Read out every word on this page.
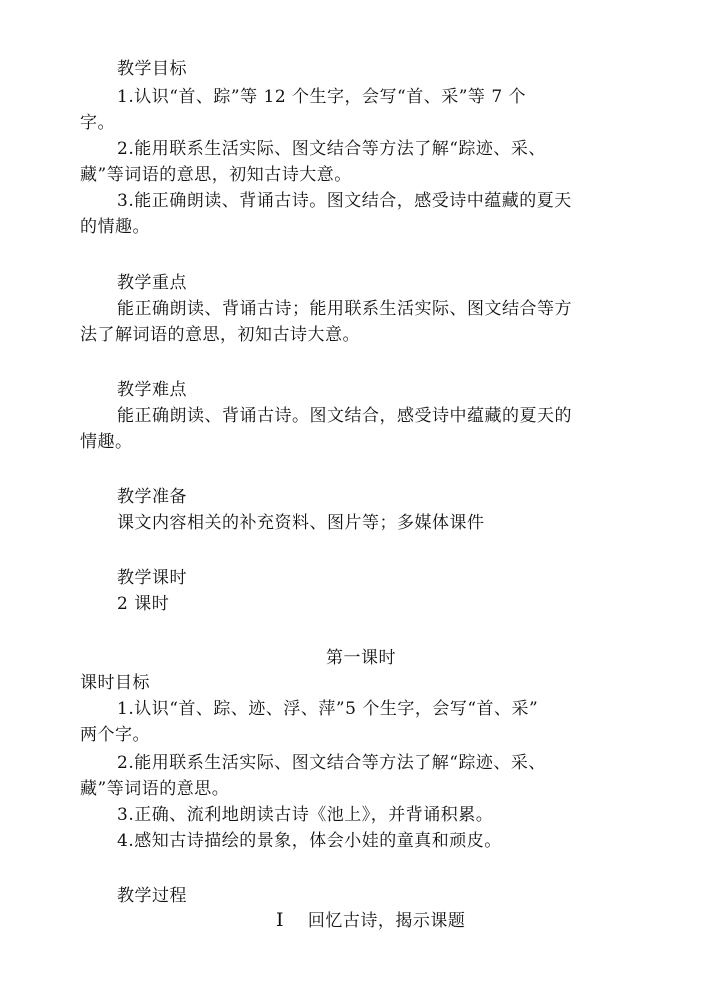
教学目标
1.认识“首、踪”等 12 个生字，会写“首、采”等 7 个
字。
2.能用联系生活实际、图文结合等方法了解“踪迹、采、
藏”等词语的意思，初知古诗大意。
3.能正确朗读、背诵古诗。图文结合，感受诗中蕴藏的夏天
的情趣。
教学重点
能正确朗读、背诵古诗；能用联系生活实际、图文结合等方
法了解词语的意思，初知古诗大意。
教学难点
能正确朗读、背诵古诗。图文结合，感受诗中蕴藏的夏天的
情趣。
教学准备
课文内容相关的补充资料、图片等；多媒体课件
教学课时
2 课时
第一课时
课时目标
1.认识“首、踪、迹、浮、萍”5 个生字，会写“首、采”
两个字。
2.能用联系生活实际、图文结合等方法了解“踪迹、采、
藏”等词语的意思。
3.正确、流利地朗读古诗《池上》，并背诵积累。
4.感知古诗描绘的景象，体会小娃的童真和顽皮。
教学过程
Ⅰ 回忆古诗，揭示课题
